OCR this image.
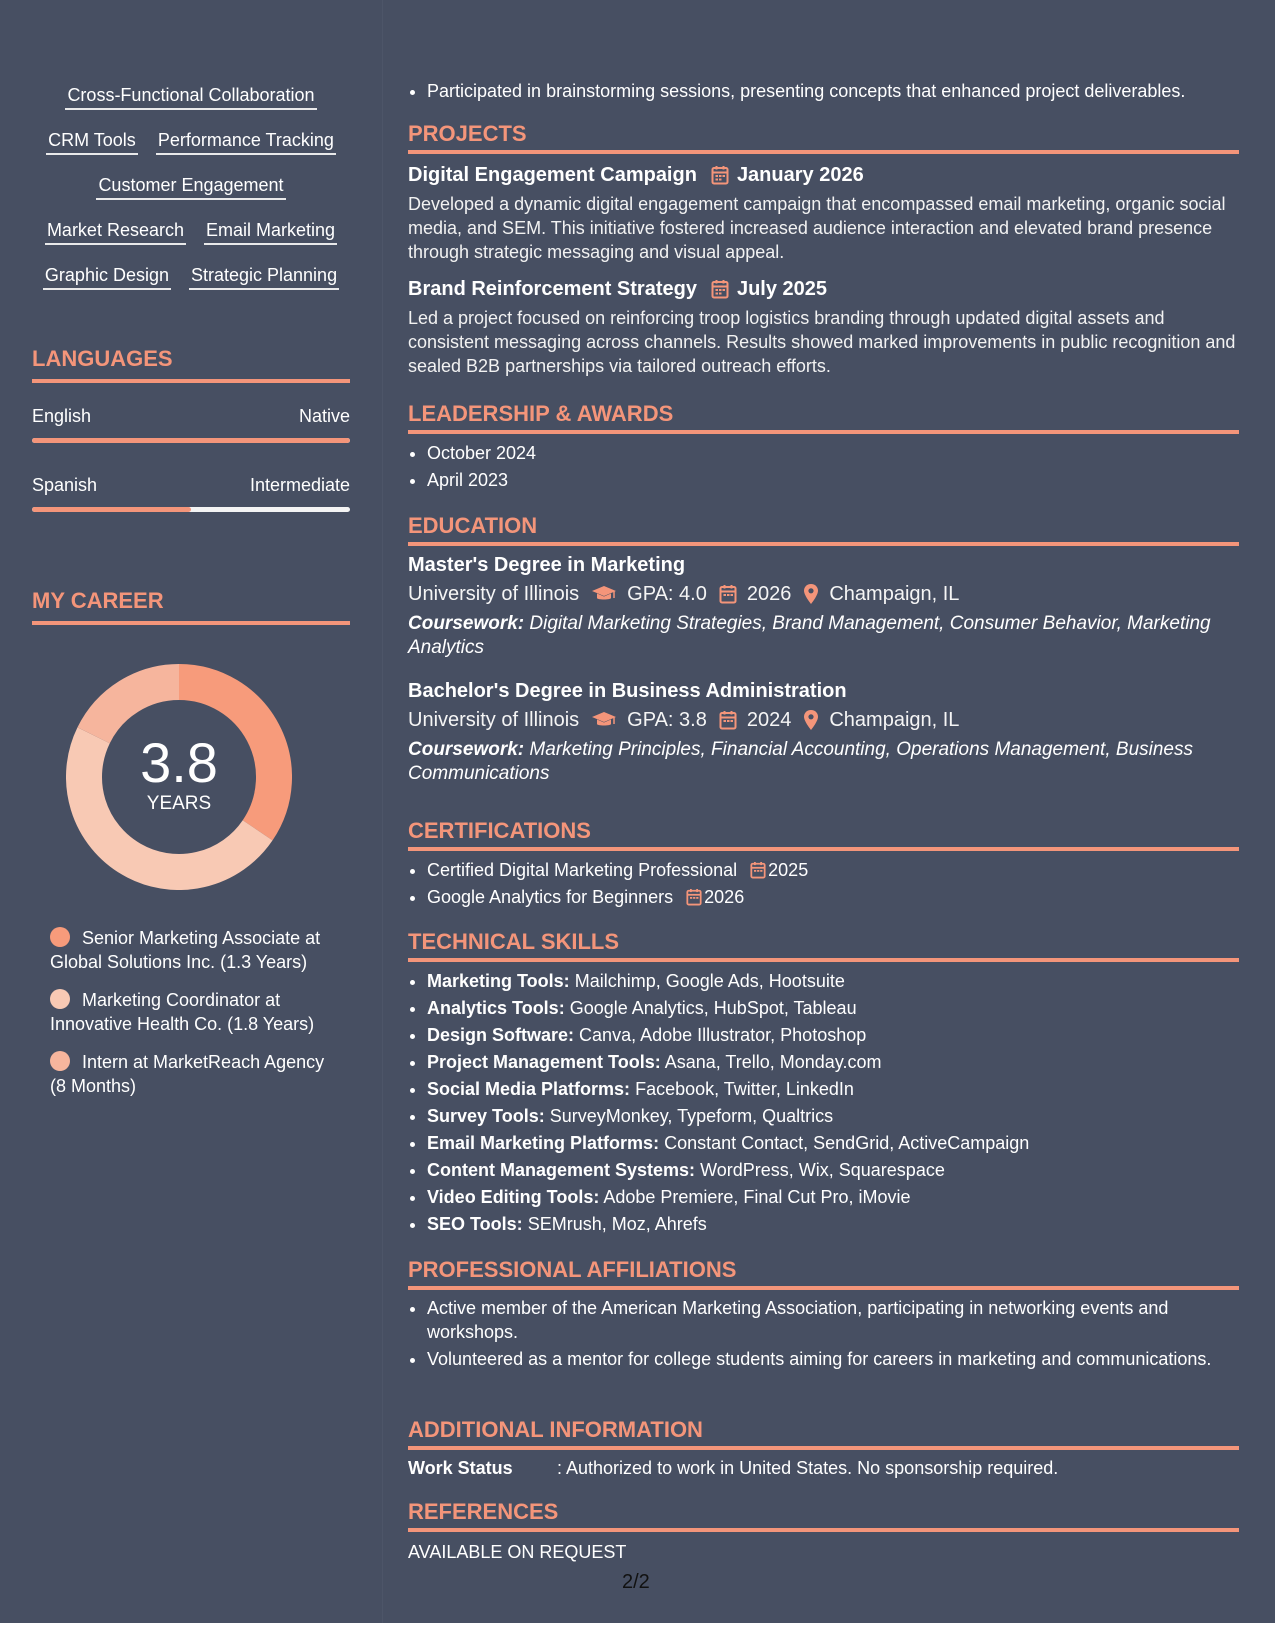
Cross-Functional Collaboration
CRM Tools Performance Tracking
Customer Engagement
Market Research Email Marketing
Graphic Design Strategic Planning
LANGUAGES
English	Native
Spanish	Intermediate
MY CAREER
3.8
YEARS
Senior Marketing Associate at Global Solutions Inc. (1.3 Years)
Marketing Coordinator at Innovative Health Co. (1.8 Years)
Intern at MarketReach Agency (8 Months)
• Participated in brainstorming sessions, presenting concepts that enhanced project deliverables.
PROJECTS
Digital Engagement Campaign January 2026
Developed a dynamic digital engagement campaign that encompassed email marketing, organic social media, and SEM. This initiative fostered increased audience interaction and elevated brand presence through strategic messaging and visual appeal.
Brand Reinforcement Strategy July 2025
Led a project focused on reinforcing troop logistics branding through updated digital assets and consistent messaging across channels. Results showed marked improvements in public recognition and sealed B2B partnerships via tailored outreach efforts.
LEADERSHIP & AWARDS
• October 2024
• April 2023
EDUCATION
Master's Degree in Marketing
University of Illinois GPA: 4.0 2026 Champaign, IL
Coursework: Digital Marketing Strategies, Brand Management, Consumer Behavior, Marketing Analytics
Bachelor's Degree in Business Administration
University of Illinois GPA: 3.8 2024 Champaign, IL
Coursework: Marketing Principles, Financial Accounting, Operations Management, Business Communications
CERTIFICATIONS
• Certified Digital Marketing Professional 2025
• Google Analytics for Beginners 2026
TECHNICAL SKILLS
• Marketing Tools: Mailchimp, Google Ads, Hootsuite
• Analytics Tools: Google Analytics, HubSpot, Tableau
• Design Software: Canva, Adobe Illustrator, Photoshop
• Project Management Tools: Asana, Trello, Monday.com
• Social Media Platforms: Facebook, Twitter, LinkedIn
• Survey Tools: SurveyMonkey, Typeform, Qualtrics
• Email Marketing Platforms: Constant Contact, SendGrid, ActiveCampaign
• Content Management Systems: WordPress, Wix, Squarespace
• Video Editing Tools: Adobe Premiere, Final Cut Pro, iMovie
• SEO Tools: SEMrush, Moz, Ahrefs
PROFESSIONAL AFFILIATIONS
• Active member of the American Marketing Association, participating in networking events and workshops.
• Volunteered as a mentor for college students aiming for careers in marketing and communications.
ADDITIONAL INFORMATION
Work Status	: Authorized to work in United States. No sponsorship required.
REFERENCES
AVAILABLE ON REQUEST
2/2
